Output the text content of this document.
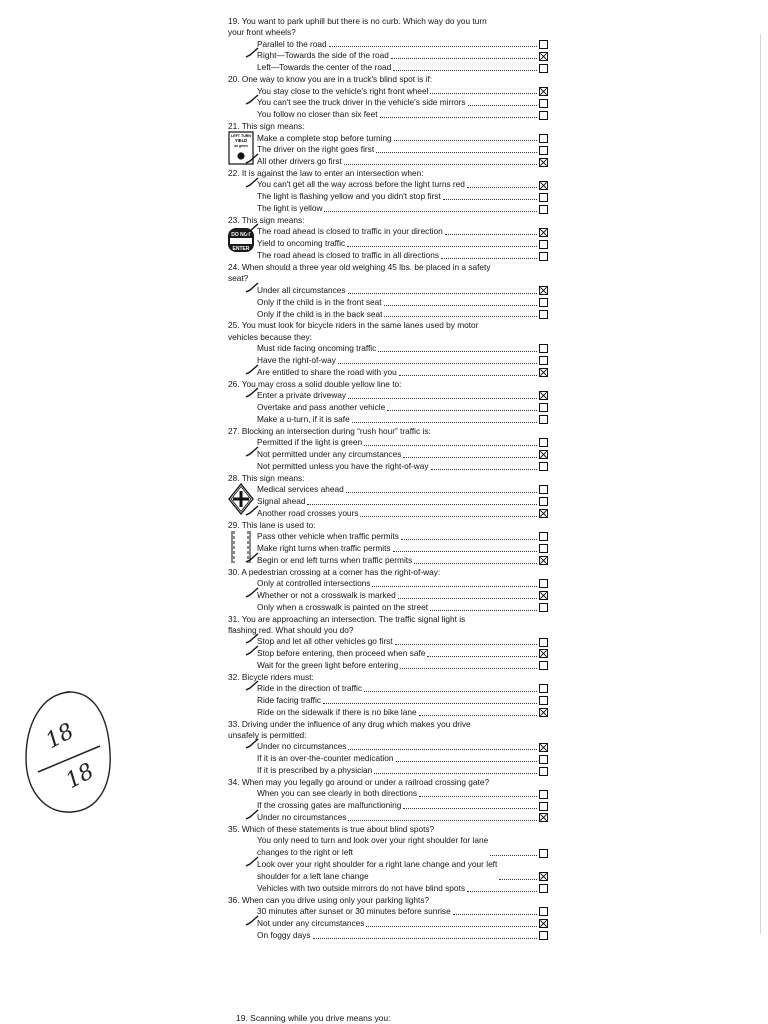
19. You want to park uphill but there is no curb. Which way do you turn
your front wheels?
Parallel to the road
Right—Towards the side of the road
Left—Towards the center of the road
20. One way to know you are in a truck's blind spot is if:
You stay close to the vehicle's right front wheel
You can't see the truck driver in the vehicle's side mirrors
You follow no closer than six feet
21. This sign means:
LEFT TURN
YIELD
on green
Make a complete stop before turning
The driver on the right goes first
All other drivers go first
22. It is against the law to enter an intersection when:
You can't get all the way across before the light turns red
The light is flashing yellow and you didn't stop first
The light is yellow
23. This sign means:
DO NOT
ENTER
The road ahead is closed to traffic in your direction
Yield to oncoming traffic
The road ahead is closed to traffic in all directions
24. When should a three year old weighing 45 lbs. be placed in a safety
seat?
Under all circumstances
Only if the child is in the front seat
Only if the child is in the back seat
25. You must look for bicycle riders in the same lanes used by motor
vehicles because they:
Must ride facing oncoming traffic
Have the right-of-way
Are entitled to share the road with you
26. You may cross a solid double yellow line to:
Enter a private driveway
Overtake and pass another vehicle
Make a u-turn, if it is safe
27. Blocking an intersection during “rush hour” traffic is:
Permitted if the light is green
Not permitted under any circumstances
Not permitted unless you have the right-of-way
28. This sign means:
Medical services ahead
Signal ahead
Another road crosses yours
29. This lane is used to:
Pass other vehicle when traffic permits
Make right turns when traffic permits
Begin or end left turns when traffic permits
30. A pedestrian crossing at a corner has the right-of-way:
Only at controlled intersections
Whether or not a crosswalk is marked
Only when a crosswalk is painted on the street
31. You are approaching an intersection. The traffic signal light is
flashing red. What should you do?
Stop and let all other vehicles go first
Stop before entering, then proceed when safe
Wait for the green light before entering
32. Bicycle riders must:
Ride in the direction of traffic
Ride facing traffic
Ride on the sidewalk if there is no bike lane
33. Driving under the influence of any drug which makes you drive
unsafely is permitted:
Under no circumstances
If it is an over-the-counter medication
If it is prescribed by a physician
34. When may you legally go around or under a railroad crossing gate?
When you can see clearly in both directions
If the crossing gates are malfunctioning
Under no circumstances
35. Which of these statements is true about blind spots?
You only need to turn and look over your right shoulder for lane
changes to the right or left
Look over your right shoulder for a right lane change and your left
shoulder for a left lane change
Vehicles with two outside mirrors do not have blind spots
36. When can you drive using only your parking lights?
30 minutes after sunset or 30 minutes before sunrise
Not under any circumstances
On foggy days
18
18
19. Scanning while you drive means you:
